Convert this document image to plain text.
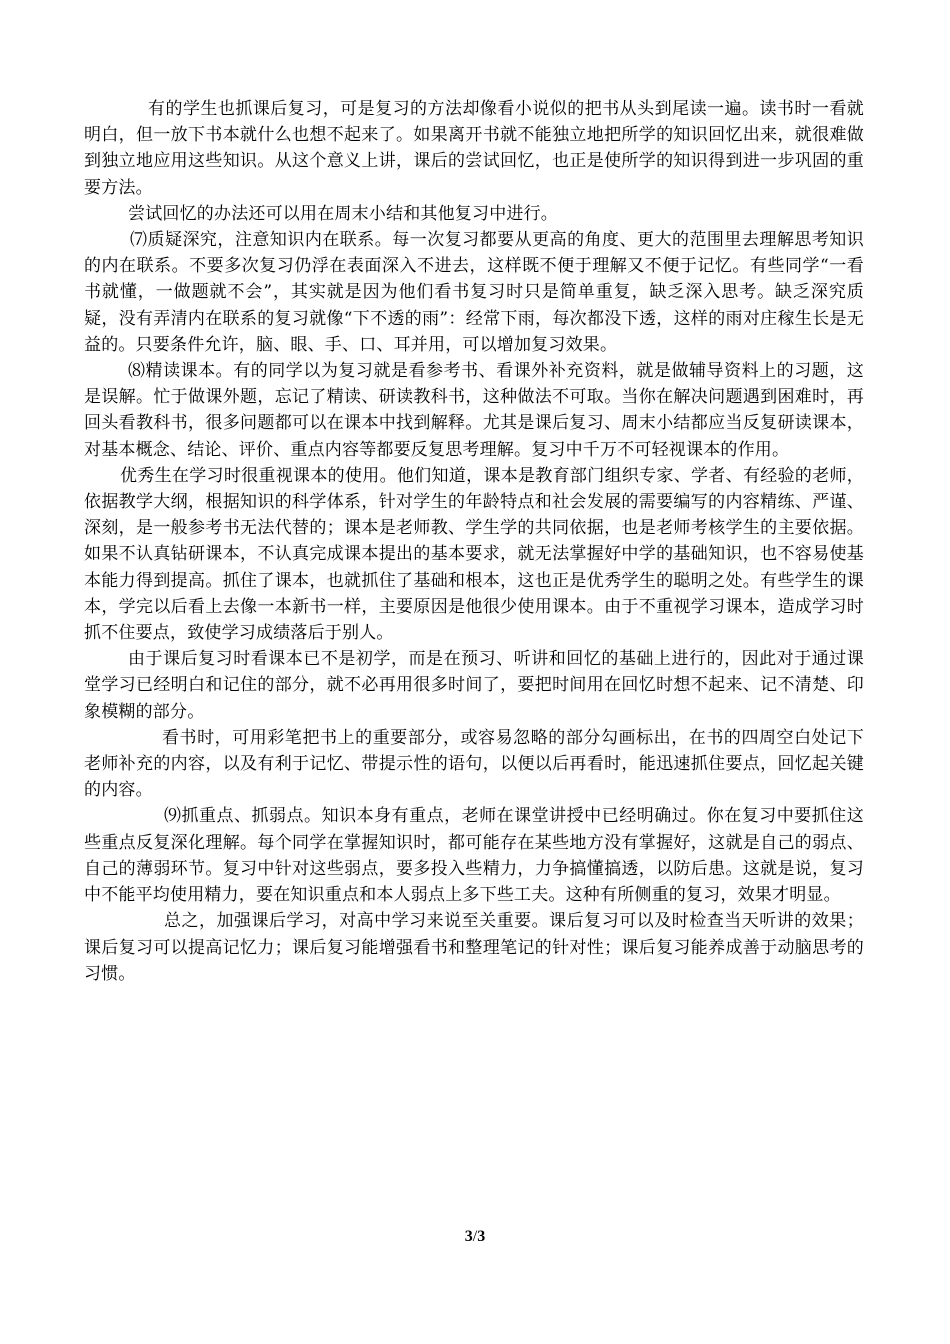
有的学生也抓课后复习，可是复习的方法却像看小说似的把书从头到尾读一遍。读书时一看就明白，但一放下书本就什么也想不起来了。如果离开书就不能独立地把所学的知识回忆出来，就很难做到独立地应用这些知识。从这个意义上讲，课后的尝试回忆，也正是使所学的知识得到进一步巩固的重要方法。

尝试回忆的办法还可以用在周末小结和其他复习中进行。

⑺质疑深究，注意知识内在联系。每一次复习都要从更高的角度、更大的范围里去理解思考知识的内在联系。不要多次复习仍浮在表面深入不进去，这样既不便于理解又不便于记忆。有些同学“一看书就懂，一做题就不会”，其实就是因为他们看书复习时只是简单重复，缺乏深入思考。缺乏深究质疑，没有弄清内在联系的复习就像“下不透的雨”：经常下雨，每次都没下透，这样的雨对庄稼生长是无益的。只要条件允许，脑、眼、手、口、耳并用，可以增加复习效果。

⑻精读课本。有的同学以为复习就是看参考书、看课外补充资料，就是做辅导资料上的习题，这是误解。忙于做课外题，忘记了精读、研读教科书，这种做法不可取。当你在解决问题遇到困难时，再回头看教科书，很多问题都可以在课本中找到解释。尤其是课后复习、周末小结都应当反复研读课本，对基本概念、结论、评价、重点内容等都要反复思考理解。复习中千万不可轻视课本的作用。

优秀生在学习时很重视课本的使用。他们知道，课本是教育部门组织专家、学者、有经验的老师，依据教学大纲，根据知识的科学体系，针对学生的年龄特点和社会发展的需要编写的内容精练、严谨、深刻，是一般参考书无法代替的；课本是老师教、学生学的共同依据，也是老师考核学生的主要依据。如果不认真钻研课本，不认真完成课本提出的基本要求，就无法掌握好中学的基础知识，也不容易使基本能力得到提高。抓住了课本，也就抓住了基础和根本，这也正是优秀学生的聪明之处。有些学生的课本，学完以后看上去像一本新书一样，主要原因是他很少使用课本。由于不重视学习课本，造成学习时抓不住要点，致使学习成绩落后于别人。

由于课后复习时看课本已不是初学，而是在预习、听讲和回忆的基础上进行的，因此对于通过课堂学习已经明白和记住的部分，就不必再用很多时间了，要把时间用在回忆时想不起来、记不清楚、印象模糊的部分。

看书时，可用彩笔把书上的重要部分，或容易忽略的部分勾画标出，在书的四周空白处记下老师补充的内容，以及有利于记忆、带提示性的语句，以便以后再看时，能迅速抓住要点，回忆起关键的内容。

⑼抓重点、抓弱点。知识本身有重点，老师在课堂讲授中已经明确过。你在复习中要抓住这些重点反复深化理解。每个同学在掌握知识时，都可能存在某些地方没有掌握好，这就是自己的弱点、自己的薄弱环节。复习中针对这些弱点，要多投入些精力，力争搞懂搞透，以防后患。这就是说，复习中不能平均使用精力，要在知识重点和本人弱点上多下些工夫。这种有所侧重的复习，效果才明显。

总之，加强课后学习，对高中学习来说至关重要。课后复习可以及时检查当天听讲的效果；课后复习可以提高记忆力；课后复习能增强看书和整理笔记的针对性；课后复习能养成善于动脑思考的习惯。

3/3
